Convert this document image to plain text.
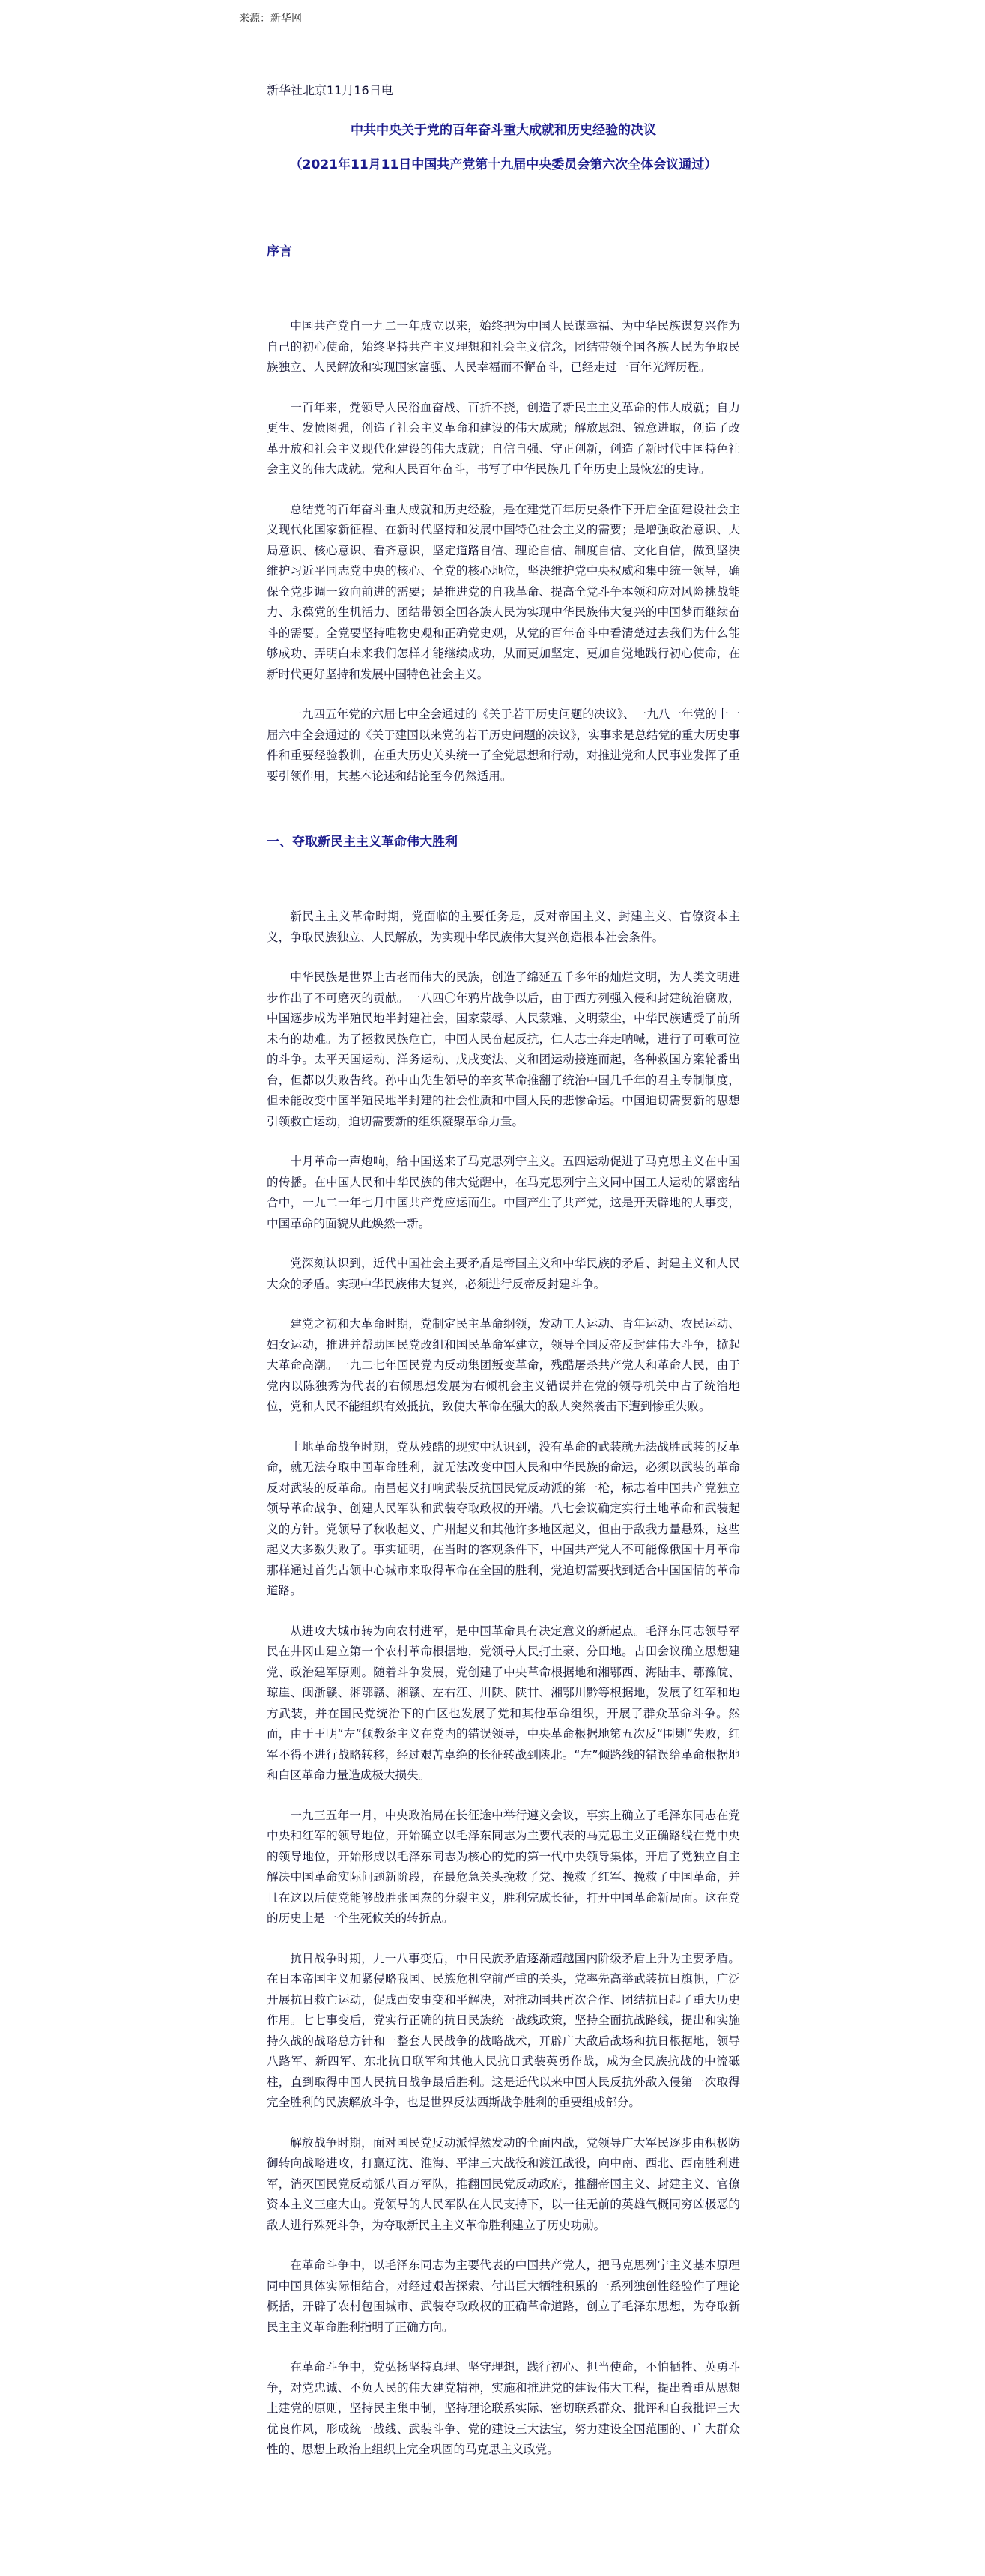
来源：新华网
新华社北京11月16日电
中共中央关于党的百年奋斗重大成就和历史经验的决议
（2021年11月11日中国共产党第十九届中央委员会第六次全体会议通过）
序言

中国共产党自一九二一年成立以来，始终把为中国人民谋幸福、为中华民族谋复兴作为自己的初心使命，始终坚持共产主义理想和社会主义信念，团结带领全国各族人民为争取民族独立、人民解放和实现国家富强、人民幸福而不懈奋斗，已经走过一百年光辉历程。

一百年来，党领导人民浴血奋战、百折不挠，创造了新民主主义革命的伟大成就；自力更生、发愤图强，创造了社会主义革命和建设的伟大成就；解放思想、锐意进取，创造了改革开放和社会主义现代化建设的伟大成就；自信自强、守正创新，创造了新时代中国特色社会主义的伟大成就。党和人民百年奋斗，书写了中华民族几千年历史上最恢宏的史诗。

总结党的百年奋斗重大成就和历史经验，是在建党百年历史条件下开启全面建设社会主义现代化国家新征程、在新时代坚持和发展中国特色社会主义的需要；是增强政治意识、大局意识、核心意识、看齐意识，坚定道路自信、理论自信、制度自信、文化自信，做到坚决维护习近平同志党中央的核心、全党的核心地位，坚决维护党中央权威和集中统一领导，确保全党步调一致向前进的需要；是推进党的自我革命、提高全党斗争本领和应对风险挑战能力、永葆党的生机活力、团结带领全国各族人民为实现中华民族伟大复兴的中国梦而继续奋斗的需要。全党要坚持唯物史观和正确党史观，从党的百年奋斗中看清楚过去我们为什么能够成功、弄明白未来我们怎样才能继续成功，从而更加坚定、更加自觉地践行初心使命，在新时代更好坚持和发展中国特色社会主义。

一九四五年党的六届七中全会通过的《关于若干历史问题的决议》、一九八一年党的十一届六中全会通过的《关于建国以来党的若干历史问题的决议》，实事求是总结党的重大历史事件和重要经验教训，在重大历史关头统一了全党思想和行动，对推进党和人民事业发挥了重要引领作用，其基本论述和结论至今仍然适用。

一、夺取新民主主义革命伟大胜利

新民主主义革命时期，党面临的主要任务是，反对帝国主义、封建主义、官僚资本主义，争取民族独立、人民解放，为实现中华民族伟大复兴创造根本社会条件。

中华民族是世界上古老而伟大的民族，创造了绵延五千多年的灿烂文明，为人类文明进步作出了不可磨灭的贡献。一八四〇年鸦片战争以后，由于西方列强入侵和封建统治腐败，中国逐步成为半殖民地半封建社会，国家蒙辱、人民蒙难、文明蒙尘，中华民族遭受了前所未有的劫难。为了拯救民族危亡，中国人民奋起反抗，仁人志士奔走呐喊，进行了可歌可泣的斗争。太平天国运动、洋务运动、戊戌变法、义和团运动接连而起，各种救国方案轮番出台，但都以失败告终。孙中山先生领导的辛亥革命推翻了统治中国几千年的君主专制制度，但未能改变中国半殖民地半封建的社会性质和中国人民的悲惨命运。中国迫切需要新的思想引领救亡运动，迫切需要新的组织凝聚革命力量。

十月革命一声炮响，给中国送来了马克思列宁主义。五四运动促进了马克思主义在中国的传播。在中国人民和中华民族的伟大觉醒中，在马克思列宁主义同中国工人运动的紧密结合中，一九二一年七月中国共产党应运而生。中国产生了共产党，这是开天辟地的大事变，中国革命的面貌从此焕然一新。

党深刻认识到，近代中国社会主要矛盾是帝国主义和中华民族的矛盾、封建主义和人民大众的矛盾。实现中华民族伟大复兴，必须进行反帝反封建斗争。

建党之初和大革命时期，党制定民主革命纲领，发动工人运动、青年运动、农民运动、妇女运动，推进并帮助国民党改组和国民革命军建立，领导全国反帝反封建伟大斗争，掀起大革命高潮。一九二七年国民党内反动集团叛变革命，残酷屠杀共产党人和革命人民，由于党内以陈独秀为代表的右倾思想发展为右倾机会主义错误并在党的领导机关中占了统治地位，党和人民不能组织有效抵抗，致使大革命在强大的敌人突然袭击下遭到惨重失败。

土地革命战争时期，党从残酷的现实中认识到，没有革命的武装就无法战胜武装的反革命，就无法夺取中国革命胜利，就无法改变中国人民和中华民族的命运，必须以武装的革命反对武装的反革命。南昌起义打响武装反抗国民党反动派的第一枪，标志着中国共产党独立领导革命战争、创建人民军队和武装夺取政权的开端。八七会议确定实行土地革命和武装起义的方针。党领导了秋收起义、广州起义和其他许多地区起义，但由于敌我力量悬殊，这些起义大多数失败了。事实证明，在当时的客观条件下，中国共产党人不可能像俄国十月革命那样通过首先占领中心城市来取得革命在全国的胜利，党迫切需要找到适合中国国情的革命道路。

从进攻大城市转为向农村进军，是中国革命具有决定意义的新起点。毛泽东同志领导军民在井冈山建立第一个农村革命根据地，党领导人民打土豪、分田地。古田会议确立思想建党、政治建军原则。随着斗争发展，党创建了中央革命根据地和湘鄂西、海陆丰、鄂豫皖、琼崖、闽浙赣、湘鄂赣、湘赣、左右江、川陕、陕甘、湘鄂川黔等根据地，发展了红军和地方武装，并在国民党统治下的白区也发展了党和其他革命组织，开展了群众革命斗争。然而，由于王明“左”倾教条主义在党内的错误领导，中央革命根据地第五次反“围剿”失败，红军不得不进行战略转移，经过艰苦卓绝的长征转战到陕北。“左”倾路线的错误给革命根据地和白区革命力量造成极大损失。

一九三五年一月，中央政治局在长征途中举行遵义会议，事实上确立了毛泽东同志在党中央和红军的领导地位，开始确立以毛泽东同志为主要代表的马克思主义正确路线在党中央的领导地位，开始形成以毛泽东同志为核心的党的第一代中央领导集体，开启了党独立自主解决中国革命实际问题新阶段，在最危急关头挽救了党、挽救了红军、挽救了中国革命，并且在这以后使党能够战胜张国焘的分裂主义，胜利完成长征，打开中国革命新局面。这在党的历史上是一个生死攸关的转折点。

抗日战争时期，九一八事变后，中日民族矛盾逐渐超越国内阶级矛盾上升为主要矛盾。在日本帝国主义加紧侵略我国、民族危机空前严重的关头，党率先高举武装抗日旗帜，广泛开展抗日救亡运动，促成西安事变和平解决，对推动国共再次合作、团结抗日起了重大历史作用。七七事变后，党实行正确的抗日民族统一战线政策，坚持全面抗战路线，提出和实施持久战的战略总方针和一整套人民战争的战略战术，开辟广大敌后战场和抗日根据地，领导八路军、新四军、东北抗日联军和其他人民抗日武装英勇作战，成为全民族抗战的中流砥柱，直到取得中国人民抗日战争最后胜利。这是近代以来中国人民反抗外敌入侵第一次取得完全胜利的民族解放斗争，也是世界反法西斯战争胜利的重要组成部分。

解放战争时期，面对国民党反动派悍然发动的全面内战，党领导广大军民逐步由积极防御转向战略进攻，打赢辽沈、淮海、平津三大战役和渡江战役，向中南、西北、西南胜利进军，消灭国民党反动派八百万军队，推翻国民党反动政府，推翻帝国主义、封建主义、官僚资本主义三座大山。党领导的人民军队在人民支持下，以一往无前的英雄气概同穷凶极恶的敌人进行殊死斗争，为夺取新民主主义革命胜利建立了历史功勋。

在革命斗争中，以毛泽东同志为主要代表的中国共产党人，把马克思列宁主义基本原理同中国具体实际相结合，对经过艰苦探索、付出巨大牺牲积累的一系列独创性经验作了理论概括，开辟了农村包围城市、武装夺取政权的正确革命道路，创立了毛泽东思想，为夺取新民主主义革命胜利指明了正确方向。

在革命斗争中，党弘扬坚持真理、坚守理想，践行初心、担当使命，不怕牺牲、英勇斗争，对党忠诚、不负人民的伟大建党精神，实施和推进党的建设伟大工程，提出着重从思想上建党的原则，坚持民主集中制，坚持理论联系实际、密切联系群众、批评和自我批评三大优良作风，形成统一战线、武装斗争、党的建设三大法宝，努力建设全国范围的、广大群众性的、思想上政治上组织上完全巩固的马克思主义政党。
